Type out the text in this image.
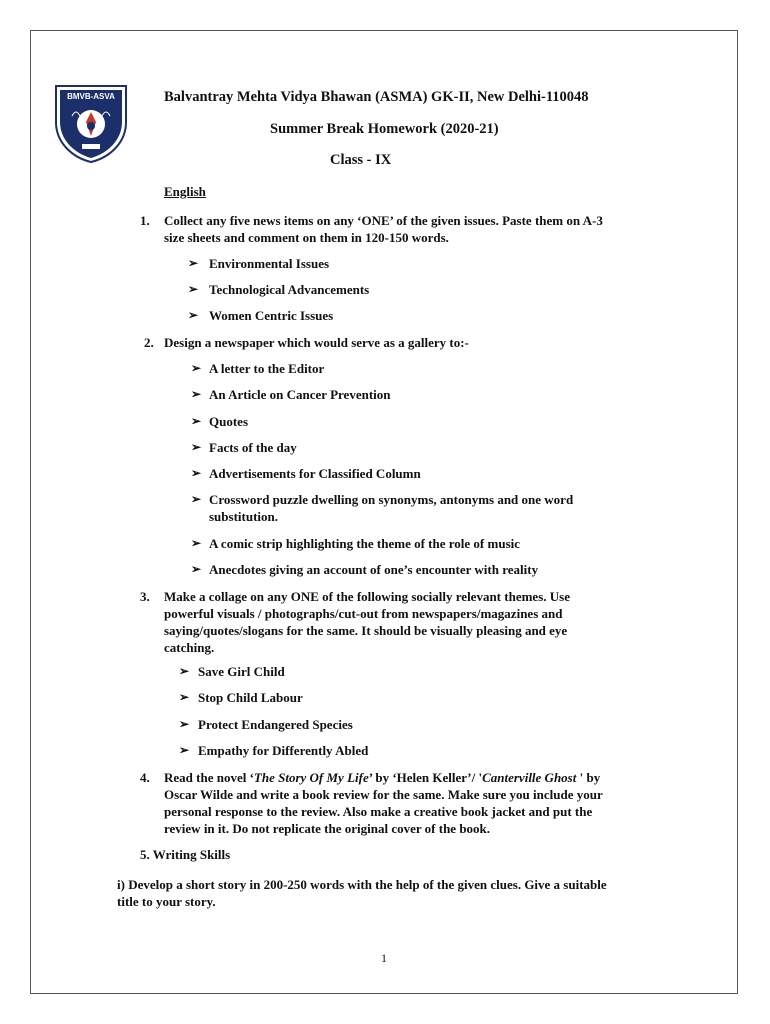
BMVB-ASVA	Balvantray Mehta Vidya Bhawan (ASMA) GK-II, New Delhi-110048
Summer Break Homework (2020-21)
Class - IX
English
1. Collect any five news items on any ‘ONE’ of the given issues. Paste them on A-3
size sheets and comment on them in 120-150 words.
➢ Environmental Issues
➢ Technological Advancements
➢ Women Centric Issues
2. Design a newspaper which would serve as a gallery to:-
➢ A letter to the Editor
➢ An Article on Cancer Prevention
➢ Quotes
➢ Facts of the day
➢ Advertisements for Classified Column
➢ Crossword puzzle dwelling on synonyms, antonyms and one word
substitution.
➢ A comic strip highlighting the theme of the role of music
➢ Anecdotes giving an account of one’s encounter with reality
3. Make a collage on any ONE of the following socially relevant themes. Use
powerful visuals / photographs/cut-out from newspapers/magazines and
saying/quotes/slogans for the same. It should be visually pleasing and eye
catching.
➢ Save Girl Child
➢ Stop Child Labour
➢ Protect Endangered Species
➢ Empathy for Differently Abled
4. Read the novel ‘The Story Of My Life’ by ‘Helen Keller’/ 'Canterville Ghost ' by
Oscar Wilde and write a book review for the same. Make sure you include your
personal response to the review. Also make a creative book jacket and put the
review in it. Do not replicate the original cover of the book.
5. Writing Skills
i) Develop a short story in 200-250 words with the help of the given clues. Give a suitable
title to your story.
1
